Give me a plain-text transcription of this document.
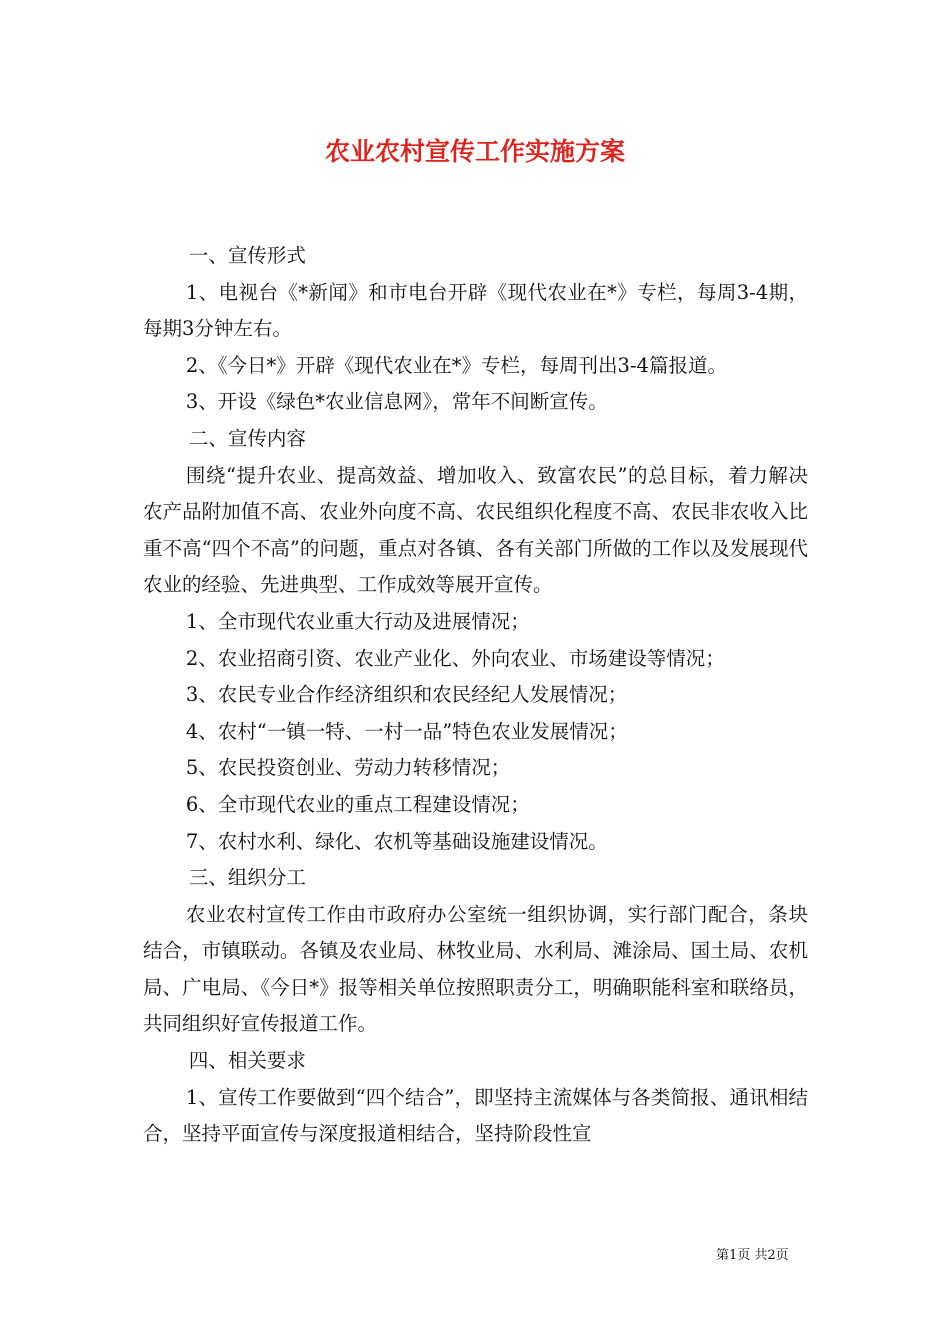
农业农村宣传工作实施方案

一、宣传形式

1、电视台《*新闻》和市电台开辟《现代农业在*》专栏，每周3-4期，每期3分钟左右。

2、《今日*》开辟《现代农业在*》专栏，每周刊出3-4篇报道。

3、开设《绿色*农业信息网》，常年不间断宣传。

二、宣传内容

围绕“提升农业、提高效益、增加收入、致富农民”的总目标，着力解决农产品附加值不高、农业外向度不高、农民组织化程度不高、农民非农收入比重不高“四个不高”的问题，重点对各镇、各有关部门所做的工作以及发展现代农业的经验、先进典型、工作成效等展开宣传。

1、全市现代农业重大行动及进展情况；

2、农业招商引资、农业产业化、外向农业、市场建设等情况；

3、农民专业合作经济组织和农民经纪人发展情况；

4、农村“一镇一特、一村一品”特色农业发展情况；

5、农民投资创业、劳动力转移情况；

6、全市现代农业的重点工程建设情况；

7、农村水利、绿化、农机等基础设施建设情况。

三、组织分工

农业农村宣传工作由市政府办公室统一组织协调，实行部门配合，条块结合，市镇联动。各镇及农业局、林牧业局、水利局、滩涂局、国土局、农机局、广电局、《今日*》报等相关单位按照职责分工，明确职能科室和联络员，共同组织好宣传报道工作。

四、相关要求

1、宣传工作要做到“四个结合”，即坚持主流媒体与各类简报、通讯相结合，坚持平面宣传与深度报道相结合，坚持阶段性宣

第1页 共2页
